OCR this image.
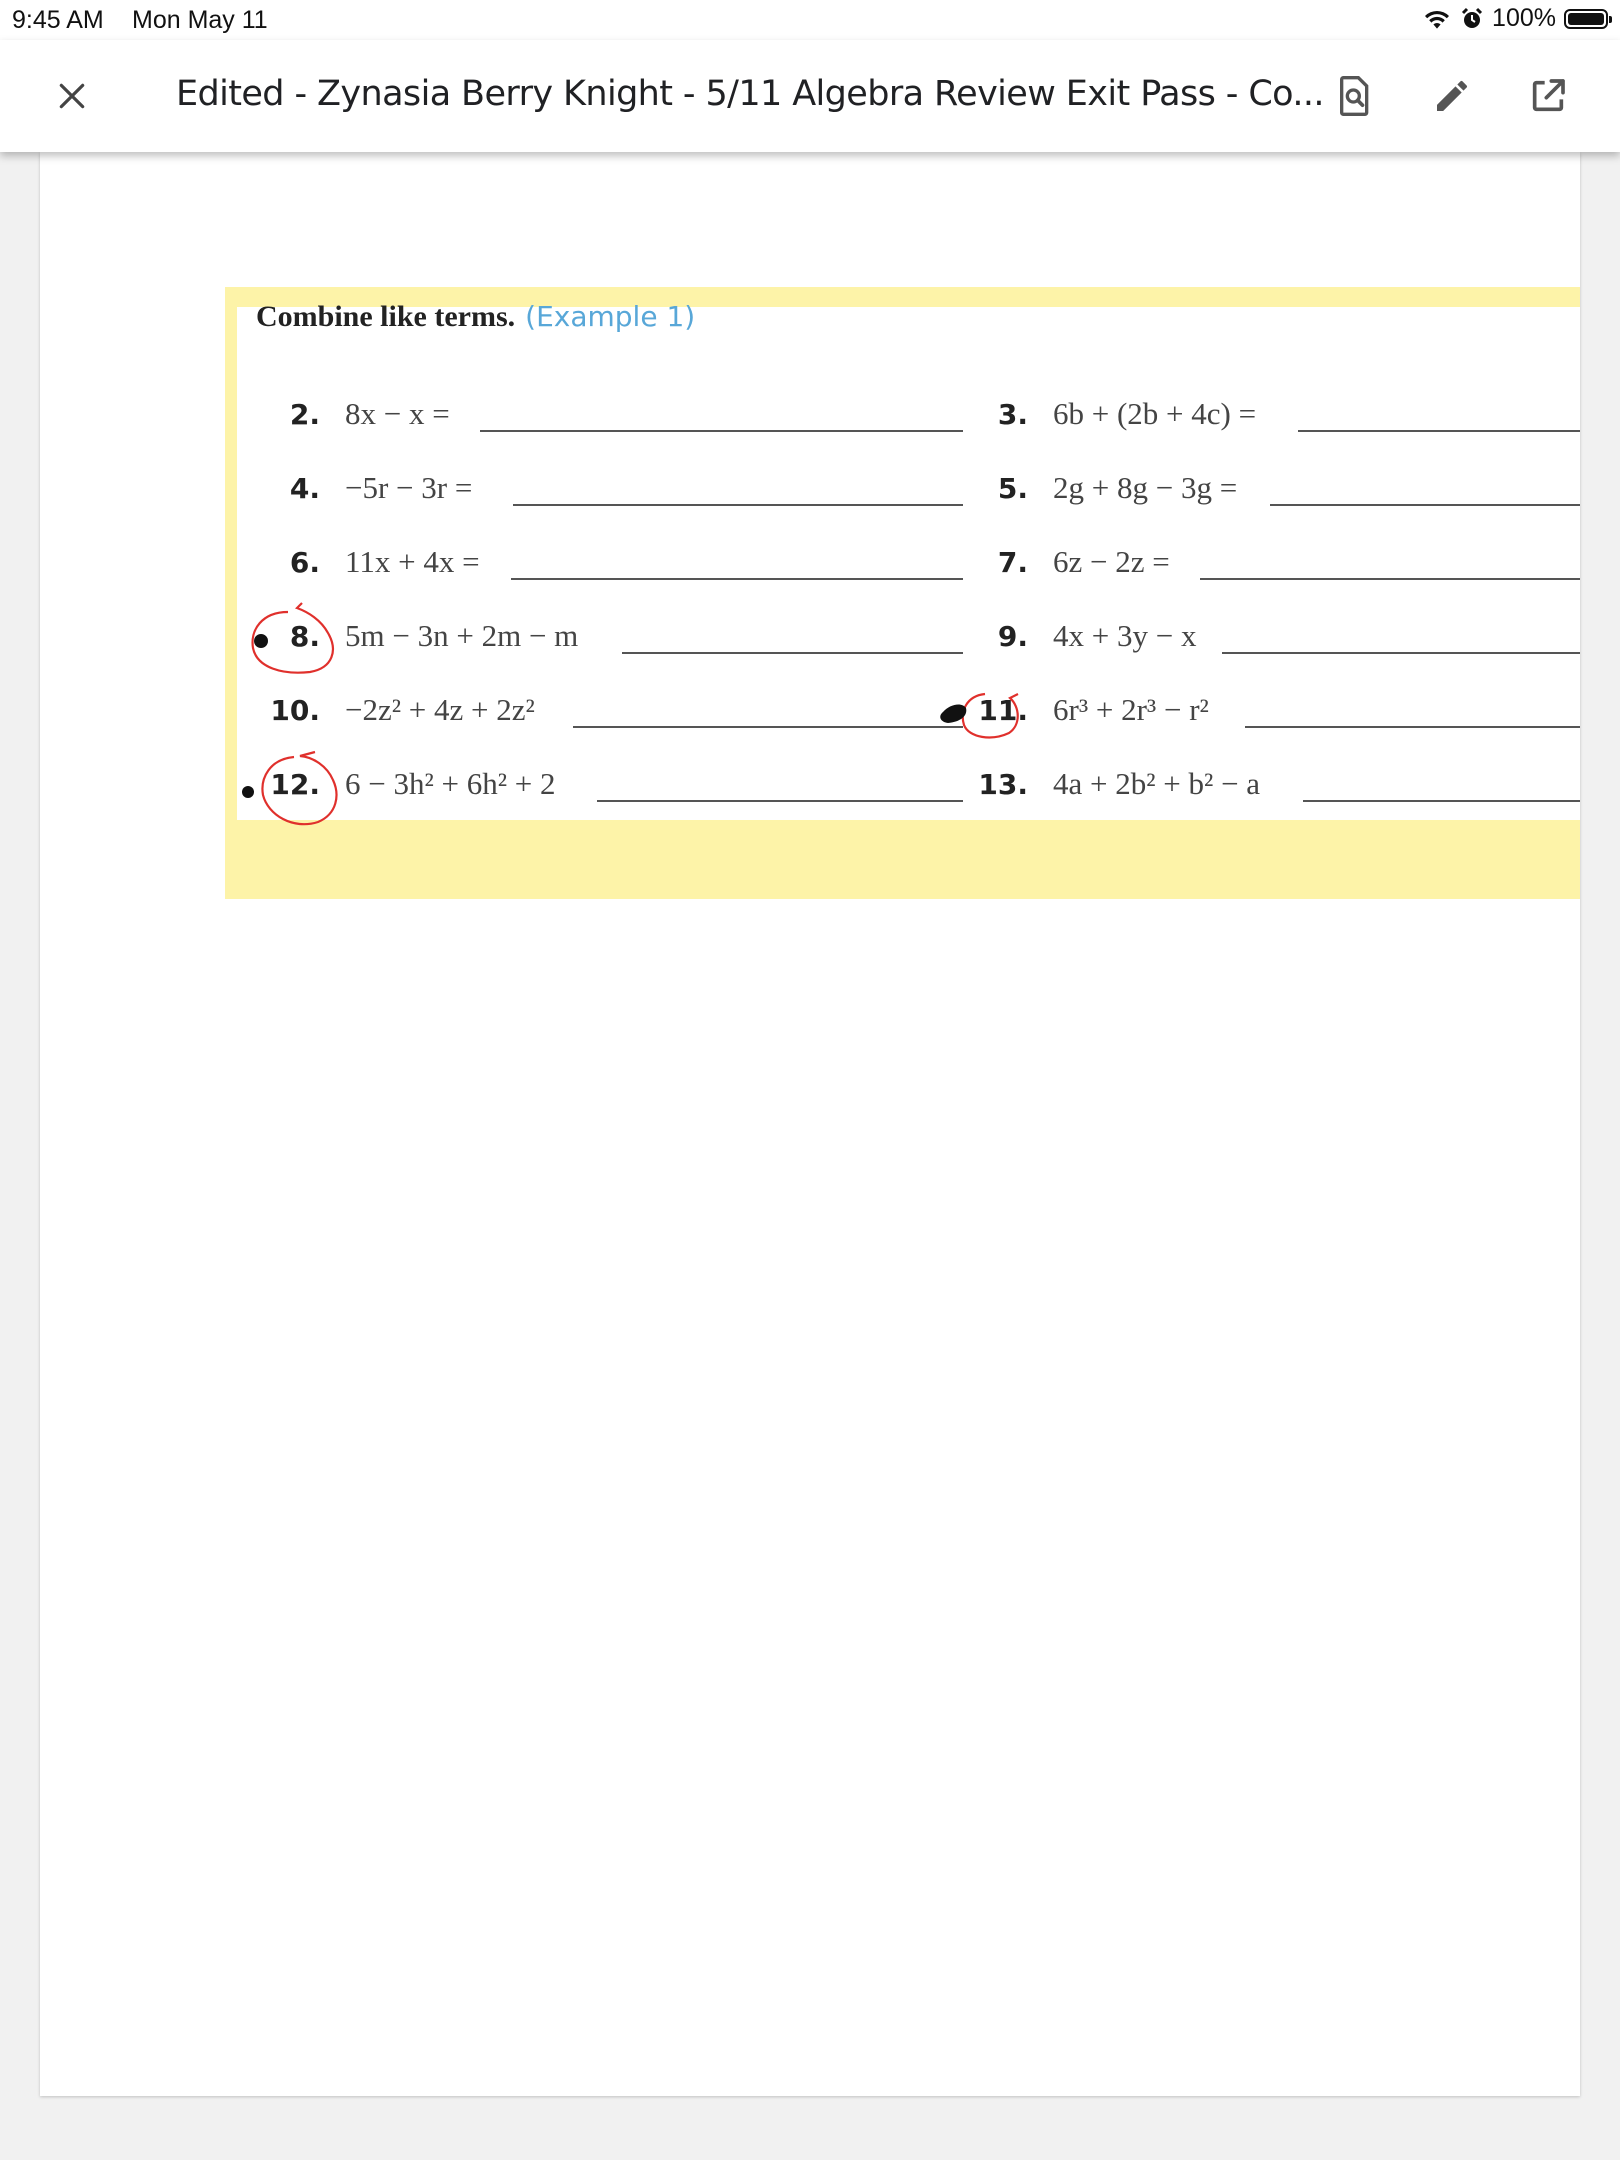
9:45 AM Mon May 11	100%
Edited - Zynasia Berry Knight - 5/11 Algebra Review Exit Pass - Co...
Combine like terms. (Example 1)
2. 8x − x =
4. −5r − 3r =
6. 11x + 4x =
8. 5m − 3n + 2m − m
10. −2z² + 4z + 2z²
12. 6 − 3h² + 6h² + 2
3. 6b + (2b + 4c) =
5. 2g + 8g − 3g =
7. 6z − 2z =
9. 4x + 3y − x
11. 6r³ + 2r³ − r²
13. 4a + 2b² + b² − a
